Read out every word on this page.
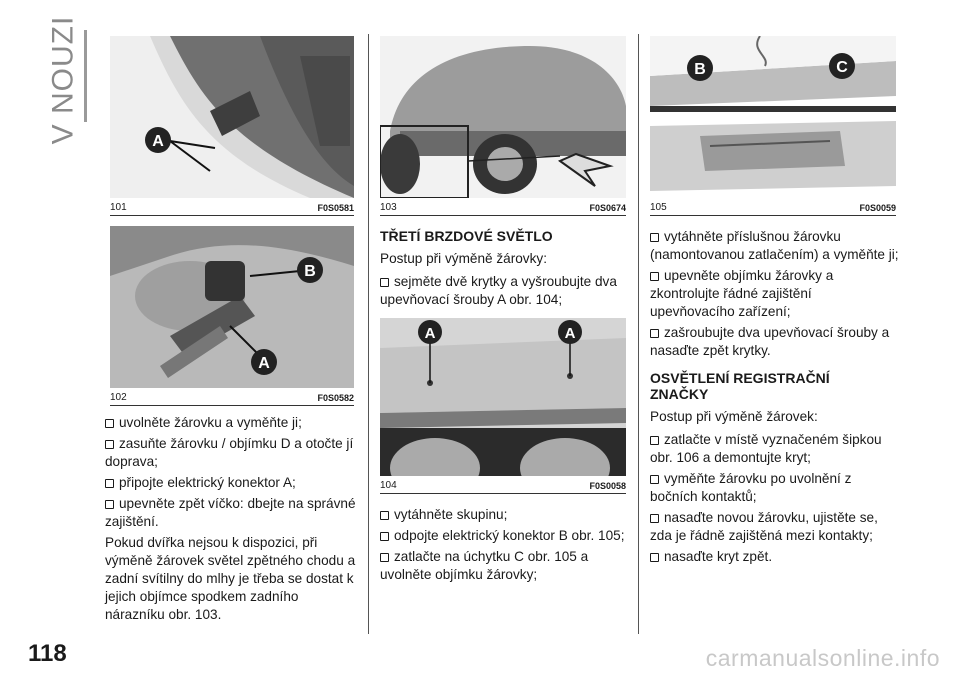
V NOUZI
118	carmanualsonline.info
A
101	F0S0581
B
A
102	F0S0582

uvolněte žárovku a vyměňte ji;

zasuňte žárovku / objímku D a otočte jí doprava;

připojte elektrický konektor A;

upevněte zpět víčko: dbejte na správné zajištění.

Pokud dvířka nejsou k dispozici, při výměně žárovek světel zpětného chodu a zadní svítilny do mlhy je třeba se dostat k jejich objímce spodkem zadního nárazníku obr. 103.

103	F0S0674
TŘETÍ BRZDOVÉ SVĚTLO

Postup při výměně žárovky:

sejměte dvě krytky a vyšroubujte dva upevňovací šrouby A obr. 104;

A	A
104	F0S0058

vytáhněte skupinu;

odpojte elektrický konektor B obr. 105;

zatlačte na úchytku C obr. 105 a uvolněte objímku žárovky;

B	C
105	F0S0059

vytáhněte příslušnou žárovku (namontovanou zatlačením) a vyměňte ji;

upevněte objímku žárovky a zkontrolujte řádné zajištění upevňovacího zařízení;

zašroubujte dva upevňovací šrouby a nasaďte zpět krytky.

OSVĚTLENÍ REGISTRAČNÍ ZNAČKY

Postup při výměně žárovek:

zatlačte v místě vyznačeném šipkou obr. 106 a demontujte kryt;

vyměňte žárovku po uvolnění z bočních kontaktů;

nasaďte novou žárovku, ujistěte se, zda je řádně zajištěná mezi kontakty;

nasaďte kryt zpět.
